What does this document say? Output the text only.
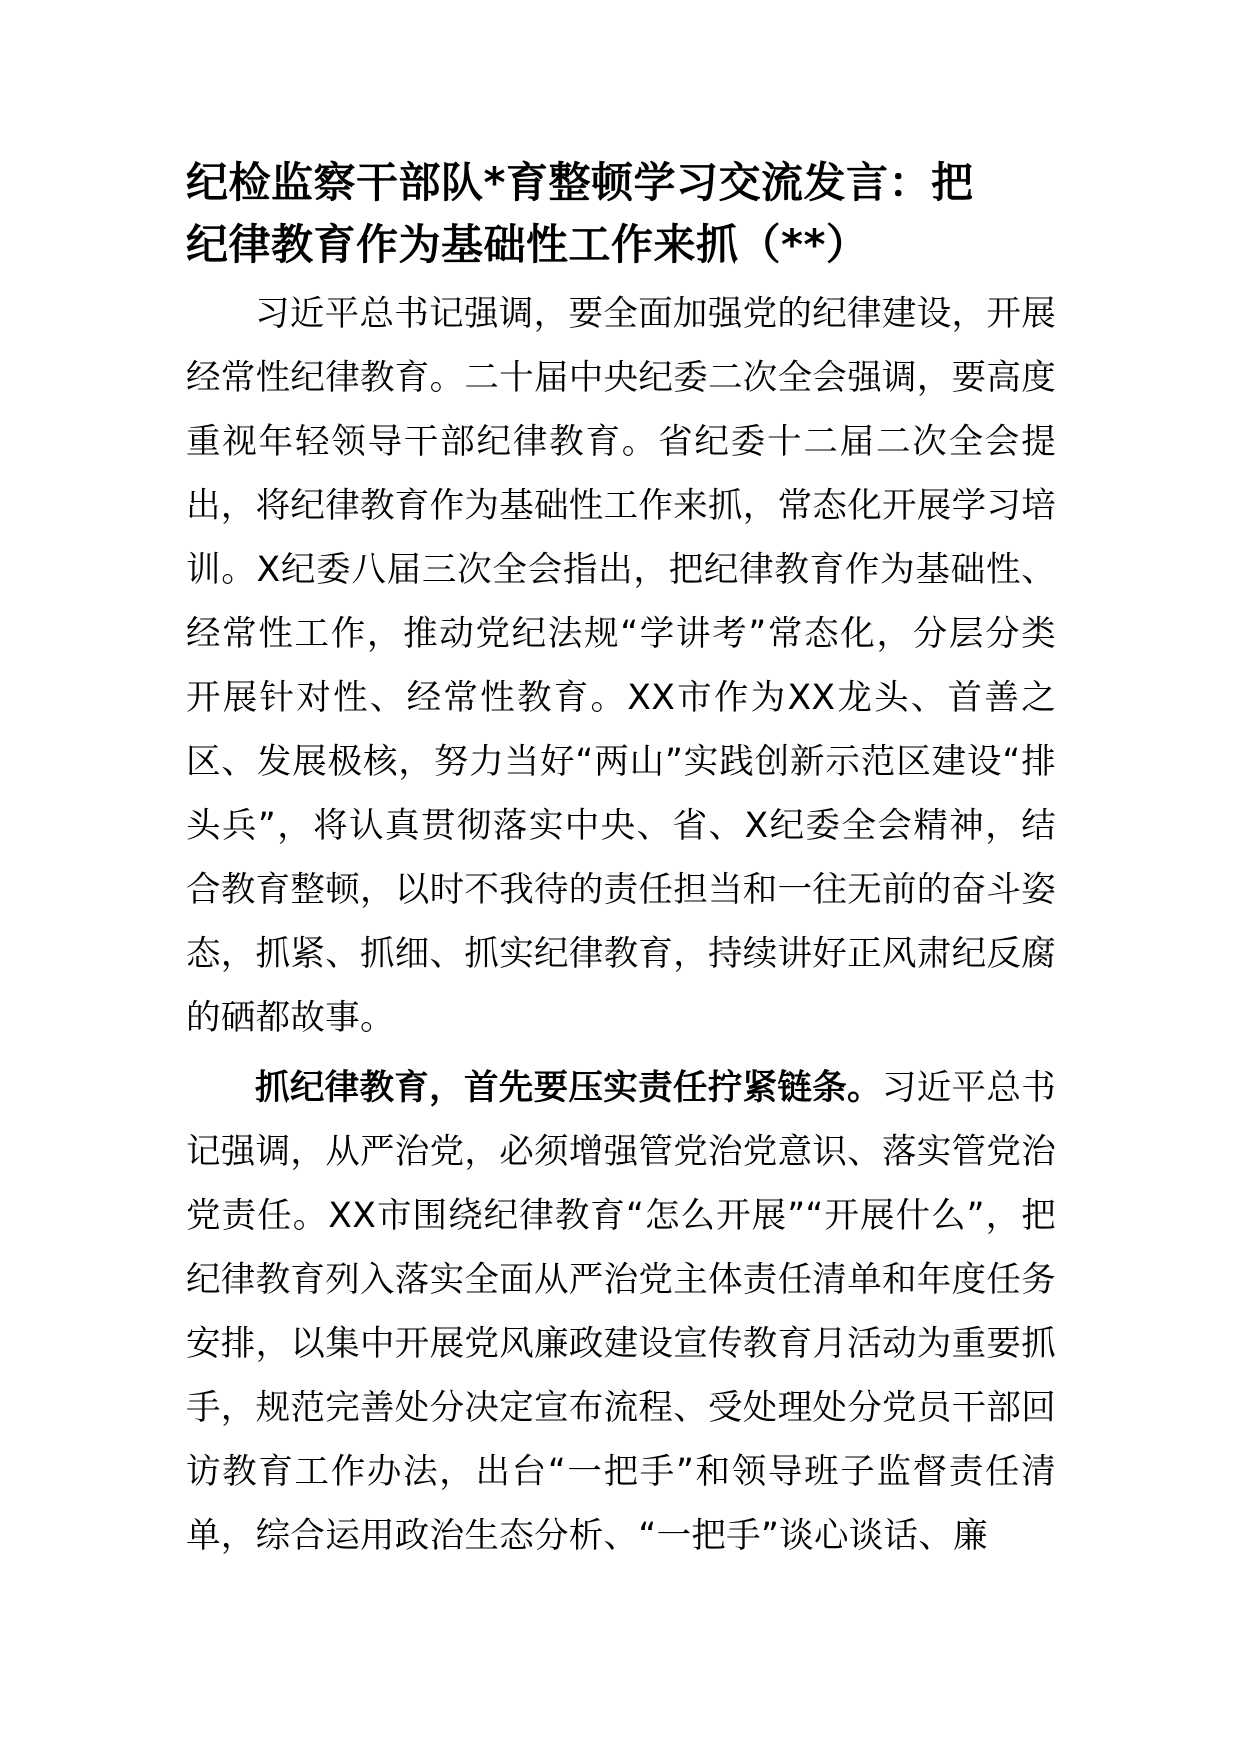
纪检监察干部队*育整顿学习交流发言：把
纪律教育作为基础性工作来抓（**）

习近平总书记强调，要全面加强党的纪律建设，开展经常性纪律教育。二十届中央纪委二次全会强调，要高度重视年轻领导干部纪律教育。省纪委十二届二次全会提出，将纪律教育作为基础性工作来抓，常态化开展学习培训。X纪委八届三次全会指出，把纪律教育作为基础性、经常性工作，推动党纪法规“学讲考”常态化，分层分类开展针对性、经常性教育。XX市作为XX龙头、首善之区、发展极核，努力当好“两山”实践创新示范区建设“排头兵”，将认真贯彻落实中央、省、X纪委全会精神，结合教育整顿，以时不我待的责任担当和一往无前的奋斗姿态，抓紧、抓细、抓实纪律教育，持续讲好正风肃纪反腐的硒都故事。

抓纪律教育，首先要压实责任拧紧链条。习近平总书记强调，从严治党，必须增强管党治党意识、落实管党治党责任。XX市围绕纪律教育“怎么开展”“开展什么”，把纪律教育列入落实全面从严治党主体责任清单和年度任务安排，以集中开展党风廉政建设宣传教育月活动为重要抓手，规范完善处分决定宣布流程、受处理处分党员干部回访教育工作办法，出台“一把手”和领导班子监督责任清单，综合运用政治生态分析、“一把手”谈心谈话、廉
